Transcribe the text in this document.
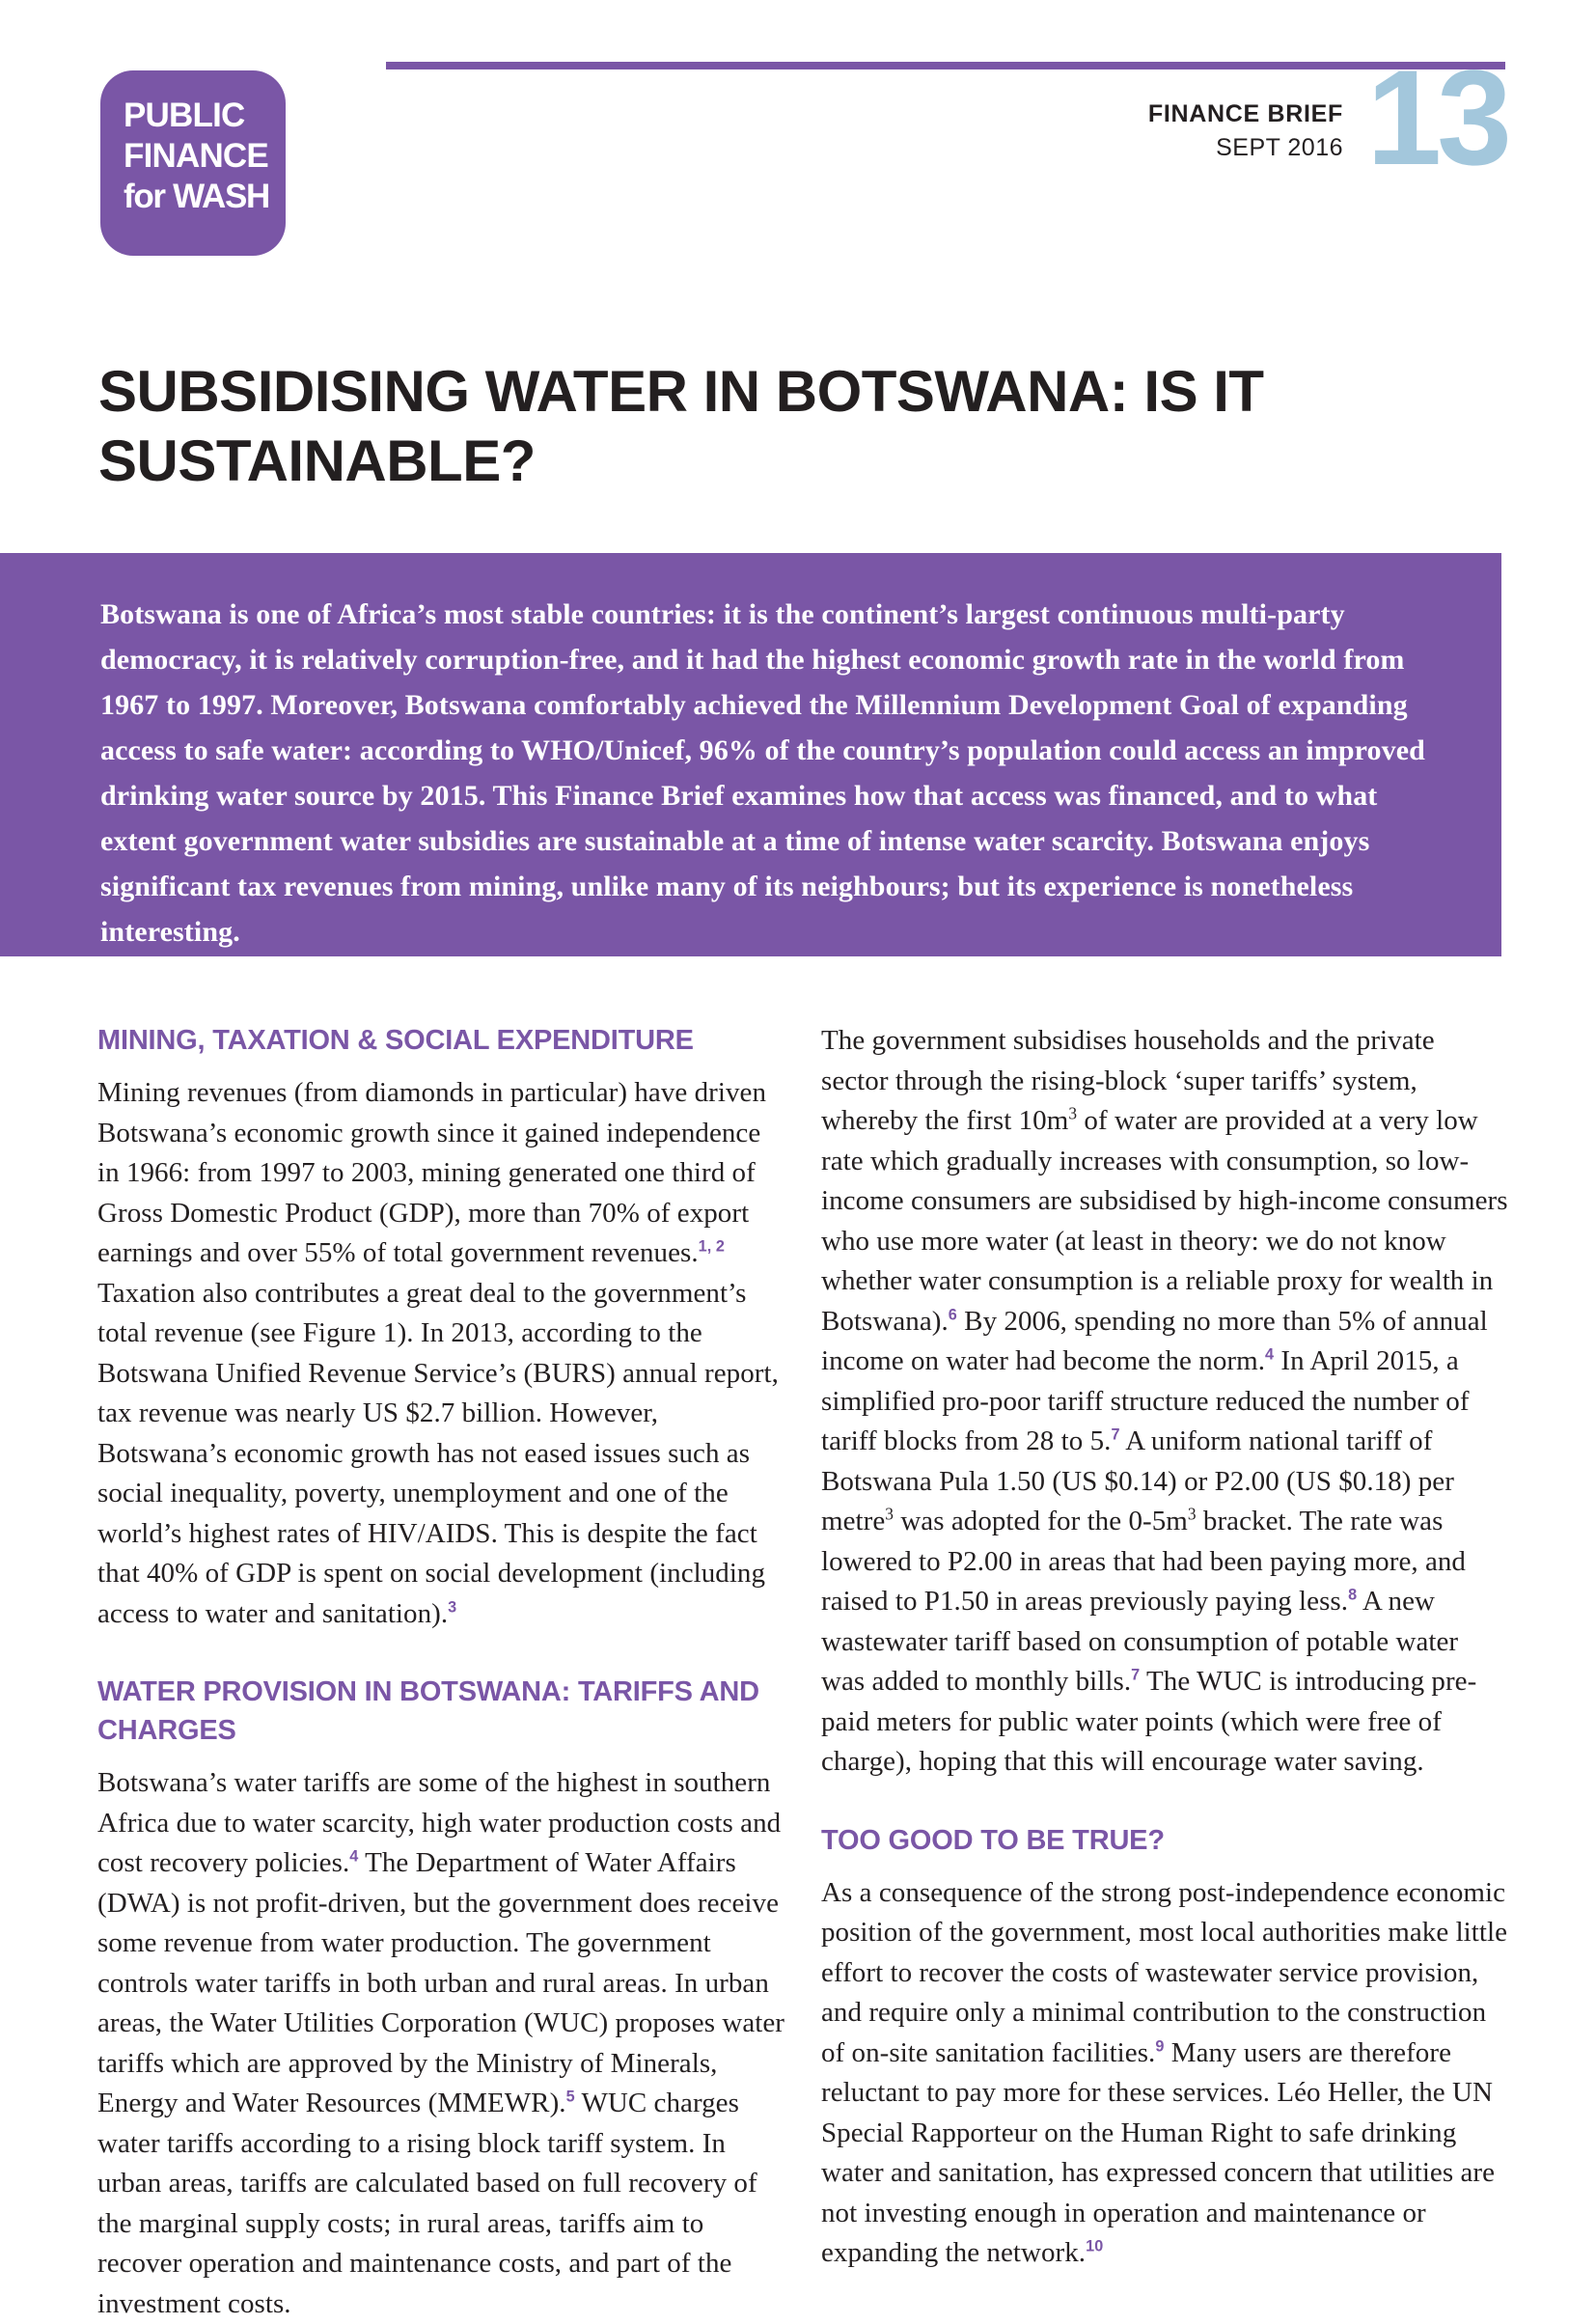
PUBLIC
FINANCE
for WASH
FINANCE BRIEF
SEPT 2016 13
SUBSIDISING WATER IN BOTSWANA: IS IT SUSTAINABLE?
Botswana is one of Africa’s most stable countries: it is the continent’s largest continuous multi-party democracy, it is relatively corruption-free, and it had the highest economic growth rate in the world from 1967 to 1997. Moreover, Botswana comfortably achieved the Millennium Development Goal of expanding access to safe water: according to WHO/Unicef, 96% of the country’s population could access an improved drinking water source by 2015. This Finance Brief examines how that access was financed, and to what extent government water subsidies are sustainable at a time of intense water scarcity. Botswana enjoys significant tax revenues from mining, unlike many of its neighbours; but its experience is nonetheless interesting.
MINING, TAXATION & SOCIAL EXPENDITURE

Mining revenues (from diamonds in particular) have driven Botswana’s economic growth since it gained independence in 1966: from 1997 to 2003, mining generated one third of Gross Domestic Product (GDP), more than 70% of export earnings and over 55% of total government revenues.$^{1, 2}$ Taxation also contributes a great deal to the government’s total revenue (see Figure 1). In 2013, according to the Botswana Unified Revenue Service’s (BURS) annual report, tax revenue was nearly US $2.7 billion. However, Botswana’s economic growth has not eased issues such as social inequality, poverty, unemployment and one of the world’s highest rates of HIV/AIDS. This is despite the fact that 40% of GDP is spent on social development (including access to water and sanitation).$^3$

WATER PROVISION IN BOTSWANA: TARIFFS AND CHARGES

Botswana’s water tariffs are some of the highest in southern Africa due to water scarcity, high water production costs and cost recovery policies.$^4$ The Department of Water Affairs (DWA) is not profit-driven, but the government does receive some revenue from water production. The government controls water tariffs in both urban and rural areas. In urban areas, the Water Utilities Corporation (WUC) proposes water tariffs which are approved by the Ministry of Minerals, Energy and Water Resources (MMEWR).$^5$ WUC charges water tariffs according to a rising block tariff system. In urban areas, tariffs are calculated based on full recovery of the marginal supply costs; in rural areas, tariffs aim to recover operation and maintenance costs, and part of the investment costs.

The government subsidises households and the private sector through the rising-block ‘super tariffs’ system, whereby the first $10m^3$ of water are provided at a very low rate which gradually increases with consumption, so low-income consumers are subsidised by high-income consumers who use more water (at least in theory: we do not know whether water consumption is a reliable proxy for wealth in Botswana).$^6$ By 2006, spending no more than 5% of annual income on water had become the norm.$^4$ In April 2015, a simplified pro-poor tariff structure reduced the number of tariff blocks from 28 to 5.$^7$ A uniform national tariff of Botswana Pula 1.50 (US $0.14) or P2.00 (US $0.18) per metre$^3$ was adopted for the $0-5m^3$ bracket. The rate was lowered to P2.00 in areas that had been paying more, and raised to P1.50 in areas previously paying less.$^8$ A new wastewater tariff based on consumption of potable water was added to monthly bills.$^7$ The WUC is introducing pre-paid meters for public water points (which were free of charge), hoping that this will encourage water saving.

TOO GOOD TO BE TRUE?

As a consequence of the strong post-independence economic position of the government, most local authorities make little effort to recover the costs of wastewater service provision, and require only a minimal contribution to the construction of on-site sanitation facilities.$^9$ Many users are therefore reluctant to pay more for these services. Léo Heller, the UN Special Rapporteur on the Human Right to safe drinking water and sanitation, has expressed concern that utilities are not investing enough in operation and maintenance or expanding the network.$^{10}$
